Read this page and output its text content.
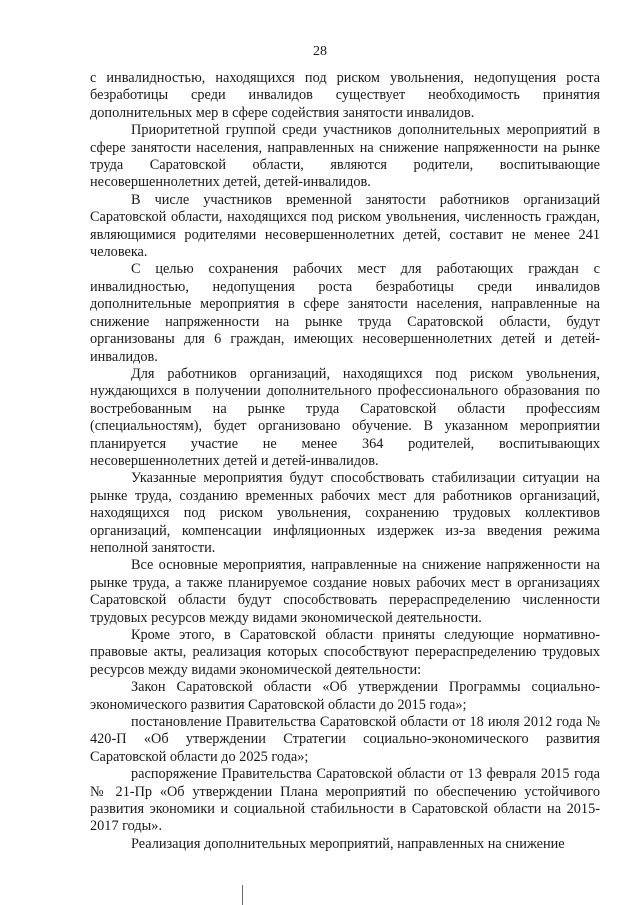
28

с инвалидностью, находящихся под риском увольнения, недопущения роста безработицы среди инвалидов существует необходимость принятия дополнительных мер в сфере содействия занятости инвалидов.

Приоритетной группой среди участников дополнительных мероприятий в сфере занятости населения, направленных на снижение напряженности на рынке труда Саратовской области, являются родители, воспитывающие несовершеннолетних детей, детей-инвалидов.

В числе участников временной занятости работников организаций Саратовской области, находящихся под риском увольнения, численность граждан, являющимися родителями несовершеннолетних детей, составит не менее 241 человека.

С целью сохранения рабочих мест для работающих граждан с инвалидностью, недопущения роста безработицы среди инвалидов дополнительные мероприятия в сфере занятости населения, направленные на снижение напряженности на рынке труда Саратовской области, будут организованы для 6 граждан, имеющих несовершеннолетних детей и детей-инвалидов.

Для работников организаций, находящихся под риском увольнения, нуждающихся в получении дополнительного профессионального образования по востребованным на рынке труда Саратовской области профессиям (специальностям), будет организовано обучение. В указанном мероприятии планируется участие не менее 364 родителей, воспитывающих несовершеннолетних детей и детей-инвалидов.

Указанные мероприятия будут способствовать стабилизации ситуации на рынке труда, созданию временных рабочих мест для работников организаций, находящихся под риском увольнения, сохранению трудовых коллективов организаций, компенсации инфляционных издержек из-за введения режима неполной занятости.

Все основные мероприятия, направленные на снижение напряженности на рынке труда, а также планируемое создание новых рабочих мест в организациях Саратовской области будут способствовать перераспределению численности трудовых ресурсов между видами экономической деятельности.

Кроме этого, в Саратовской области приняты следующие нормативно-правовые акты, реализация которых способствуют перераспределению трудовых ресурсов между видами экономической деятельности:

Закон Саратовской области «Об утверждении Программы социально-экономического развития Саратовской области до 2015 года»;

постановление Правительства Саратовской области от 18 июля 2012 года № 420-П «Об утверждении Стратегии социально-экономического развития Саратовской области до 2025 года»;

распоряжение Правительства Саратовской области от 13 февраля 2015 года № 21-Пр «Об утверждении Плана мероприятий по обеспечению устойчивого развития экономики и социальной стабильности в Саратовской области на 2015-2017 годы».

Реализация дополнительных мероприятий, направленных на снижение
